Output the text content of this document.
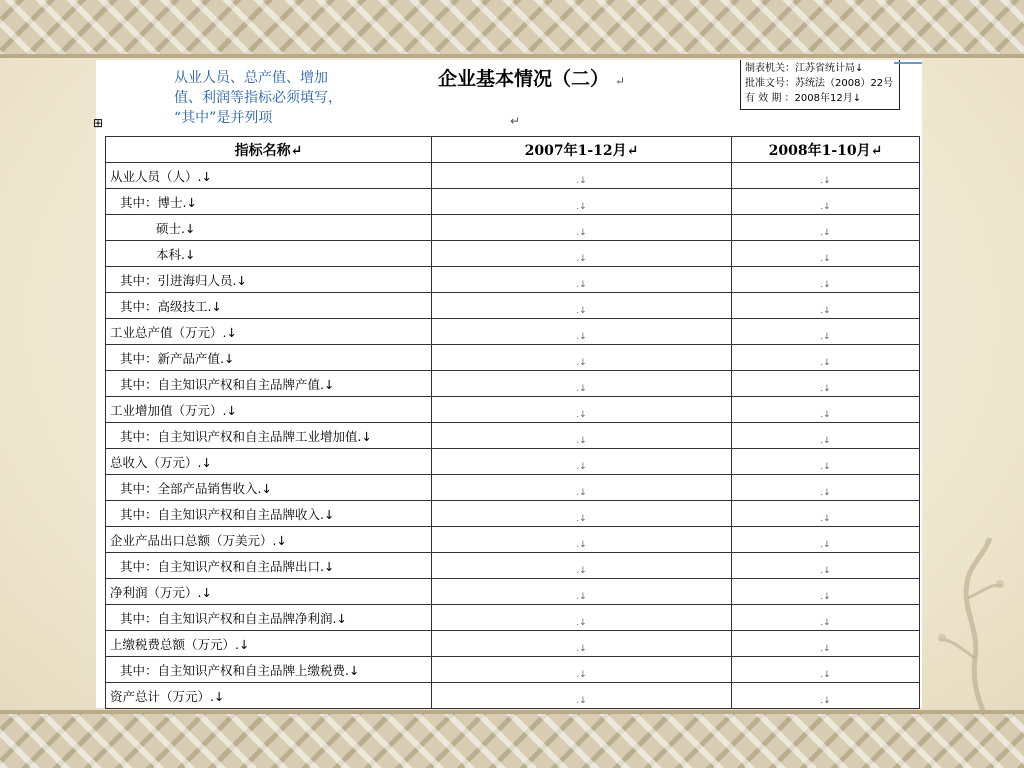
从业人员、总产值、增加
值、利润等指标必须填写，
“其中”是并列项
企业基本情况（二） ↵
↵
⊞
制表机关：江苏省统计局↓
批准文号：苏统法（2008）22号
有 效 期 ：2008年12月↓
指标名称↵	2007年1-12月↵	2008年1-10月↵
从业人员（人）.↓	.↓	.↓
其中：博士.↓	.↓	.↓
硕士.↓	.↓	.↓
本科.↓	.↓	.↓
其中：引进海归人员.↓	.↓	.↓
其中：高级技工.↓	.↓	.↓
工业总产值（万元）.↓	.↓	.↓
其中：新产品产值.↓	.↓	.↓
其中：自主知识产权和自主品牌产值.↓	.↓	.↓
工业增加值（万元）.↓	.↓	.↓
其中：自主知识产权和自主品牌工业增加值.↓	.↓	.↓
总收入（万元）.↓	.↓	.↓
其中：全部产品销售收入.↓	.↓	.↓
其中：自主知识产权和自主品牌收入.↓	.↓	.↓
企业产品出口总额（万美元）.↓	.↓	.↓
其中：自主知识产权和自主品牌出口.↓	.↓	.↓
净利润（万元）.↓	.↓	.↓
其中：自主知识产权和自主品牌净利润.↓	.↓	.↓
上缴税费总额（万元）.↓	.↓	.↓
其中：自主知识产权和自主品牌上缴税费.↓	.↓	.↓
资产总计（万元）.↓	.↓	.↓
